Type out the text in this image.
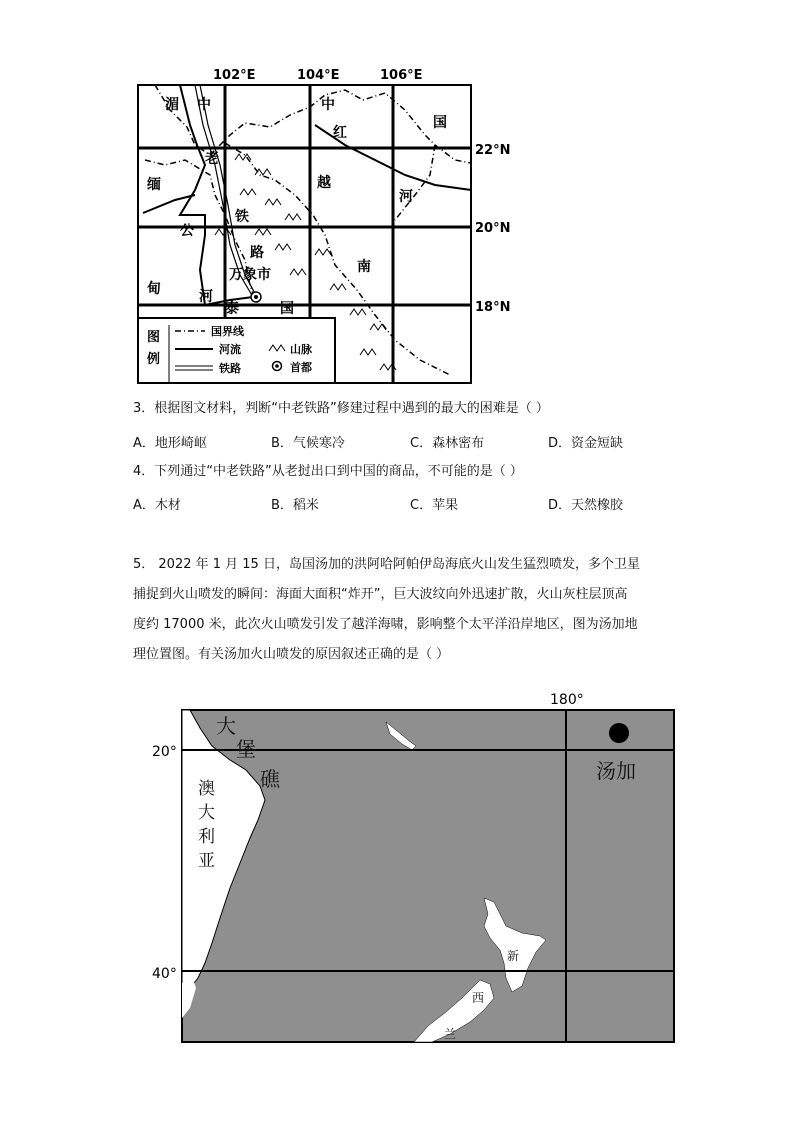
102°E	104°E	106°E
22°N
20°N
18°N
湄 中
老
缅
铁
公
路
万象市
甸	河
泰	国
中
红
国
越
河
南
图
例
国界线
河流
铁路
山脉
首都
3．根据图文材料，判断“中老铁路”修建过程中遇到的最大的困难是（ ）
A．地形崎岖	B．气候寒冷	C．森林密布	D．资金短缺
4．下列通过“中老铁路”从老挝出口到中国的商品，不可能的是（ ）
A．木材	B．稻米	C．苹果	D．天然橡胶
5． 2022 年 1 月 15 日，岛国汤加的洪阿哈阿帕伊岛海底火山发生猛烈喷发，多个卫星
捕捉到火山喷发的瞬间：海面大面积“炸开”，巨大波纹向外迅速扩散，火山灰柱层顶高
度约 17000 米，此次火山喷发引发了越洋海啸，影响整个太平洋沿岸地区，图为汤加地
理位置图。有关汤加火山喷发的原因叙述正确的是（ ）
180°
20°
40°
大
堡
礁	汤加
澳
大
利
亚
新
西
兰
